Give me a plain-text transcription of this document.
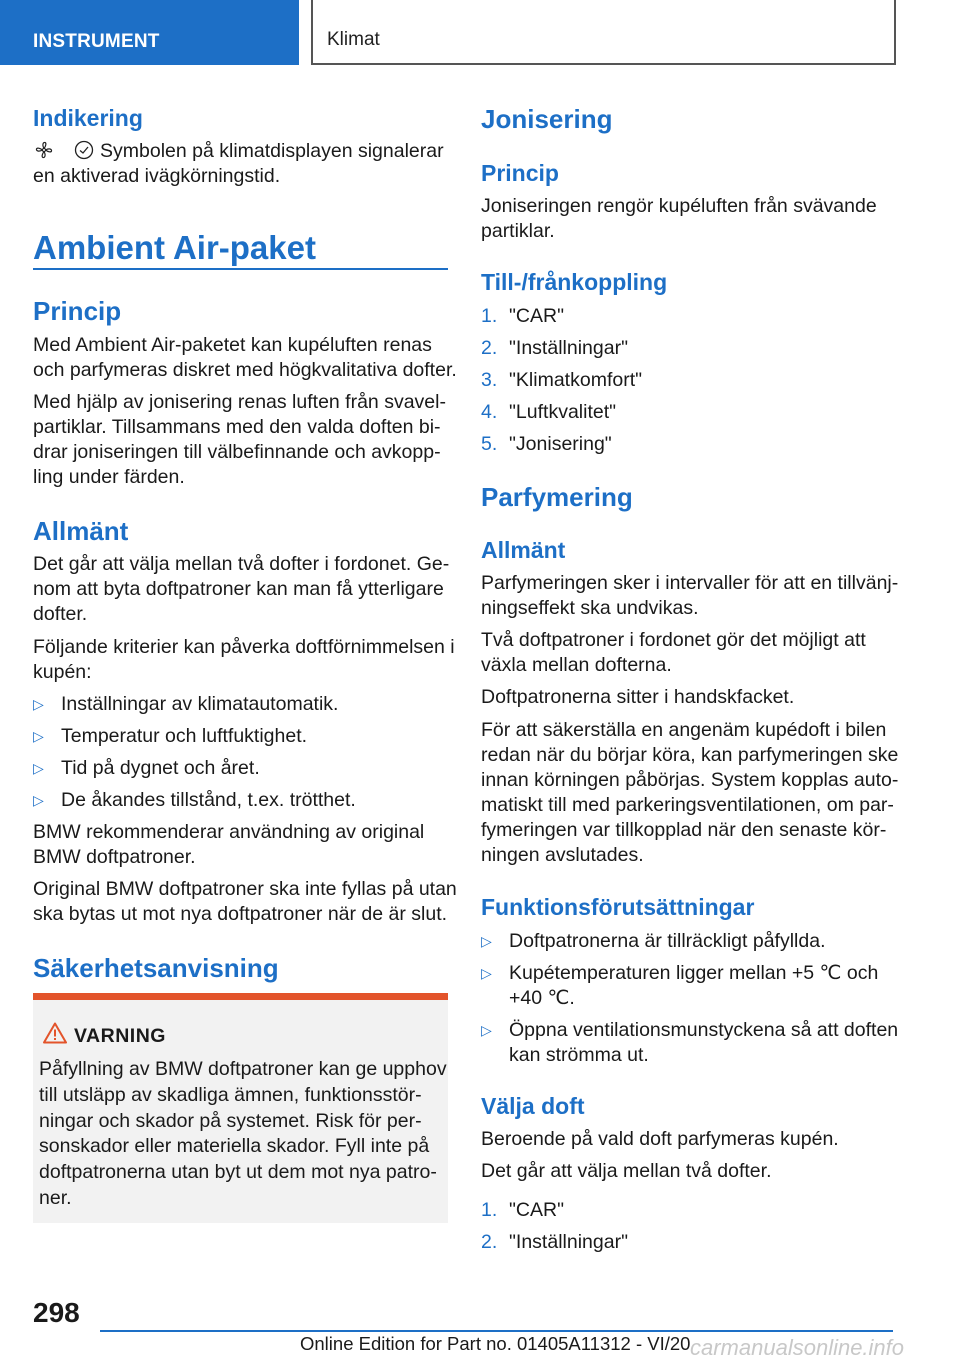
INSTRUMENT	Klimat
Indikering
Symbolen på klimatdisplayen signalerar
en aktiverad ivägkörningstid.
Ambient Air-paket
Princip
Med Ambient Air-paketet kan kupéluften renas
och parfymeras diskret med högkvalitativa dofter.
Med hjälp av jonisering renas luften från svavel-
partiklar. Tillsammans med den valda doften bi-
drar joniseringen till välbefinnande och avkopp-
ling under färden.
Allmänt
Det går att välja mellan två dofter i fordonet. Ge-
nom att byta doftpatroner kan man få ytterligare
dofter.
Följande kriterier kan påverka doftförnimmelsen i
kupén:
▷ Inställningar av klimatautomatik.
▷ Temperatur och luftfuktighet.
▷ Tid på dygnet och året.
▷ De åkandes tillstånd, t.ex. trötthet.
BMW rekommenderar användning av original
BMW doftpatroner.
Original BMW doftpatroner ska inte fyllas på utan
ska bytas ut mot nya doftpatroner när de är slut.
Säkerhetsanvisning
VARNING
Påfyllning av BMW doftpatroner kan ge upphov
till utsläpp av skadliga ämnen, funktionsstör-
ningar och skador på systemet. Risk för per-
sonskador eller materiella skador. Fyll inte på
doftpatronerna utan byt ut dem mot nya patro-
ner.
Jonisering
Princip
Joniseringen rengör kupéluften från svävande
partiklar.
Till-/frånkoppling
1. "CAR"
2. "Inställningar"
3. "Klimatkomfort"
4. "Luftkvalitet"
5. "Jonisering"
Parfymering
Allmänt
Parfymeringen sker i intervaller för att en tillvänj-
ningseffekt ska undvikas.
Två doftpatroner i fordonet gör det möjligt att
växla mellan dofterna.
Doftpatronerna sitter i handskfacket.
För att säkerställa en angenäm kupédoft i bilen
redan när du börjar köra, kan parfymeringen ske
innan körningen påbörjas. System kopplas auto-
matiskt till med parkeringsventilationen, om par-
fymeringen var tillkopplad när den senaste kör-
ningen avslutades.
Funktionsförutsättningar
▷ Doftpatronerna är tillräckligt påfyllda.
▷ Kupétemperaturen ligger mellan +5 ℃ och
+40 ℃.
▷ Öppna ventilationsmunstyckena så att doften
kan strömma ut.
Välja doft
Beroende på vald doft parfymeras kupén.
Det går att välja mellan två dofter.
1. "CAR"
2. "Inställningar"
298
Online Edition for Part no. 01405A11312 - VI/20 carmanualsonline.info
